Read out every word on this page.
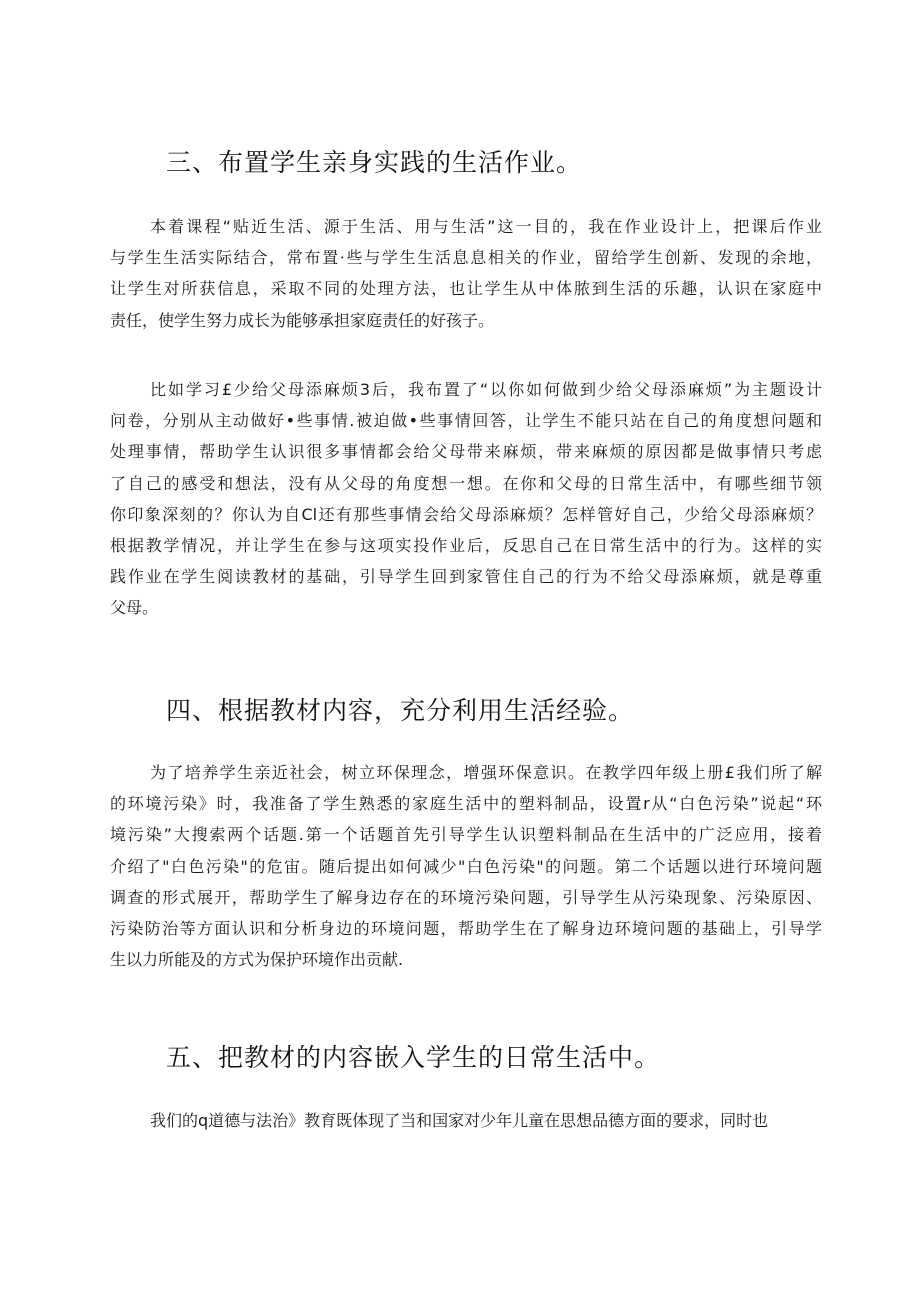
三、布置学生亲身实践的生活作业。
本着课程“贴近生活、源于生活、用与生活”这一目的，我在作业设计上，把课后作业
与学生生活实际结合，常布置·些与学生生活息息相关的作业，留给学生创新、发现的余地，
让学生对所获信息，采取不同的处理方法，也让学生从中体脓到生活的乐趣，认识在家庭中
责任，使学生努力成长为能够承担家庭责任的好孩子。
比如学习£少给父母添麻烦3后，我布置了“以你如何做到少给父母添麻烦”为主题设计
问卷，分别从主动做好•些事情.被迫做•些事情回答，让学生不能只站在自己的角度想问题和
处理事情，帮助学生认识很多事情都会给父母带来麻烦，带来麻烦的原因都是做事情只考虑
了自己的感受和想法，没有从父母的角度想一想。在你和父母的日常生活中，有哪些细节领
你印象深刻的？你认为自Cl还有那些事情会给父母添麻烦？怎样管好自己，少给父母添麻烦？
根据教学情况，并让学生在参与这项实投作业后，反思自己在日常生活中的行为。这样的实
践作业在学生阅读教材的基础，引导学生回到家管住自己的行为不给父母添麻烦，就是尊重
父母。
四、根据教材内容，充分利用生活经验。
为了培养学生亲近社会，树立环保理念，增强环保意识。在教学四年级上册£我们所了解
的环境污染》时，我准备了学生熟悉的家庭生活中的塑料制品，设置r从“白色污染”说起“环
境污染”大搜索两个话题.第一个话题首先引导学生认识塑料制品在生活中的广泛应用，接着
介绍了"白色污染"的危宙。随后提出如何减少"白色污染"的问题。第二个话题以进行环境问题
调查的形式展开，帮助学生了解身边存在的环境污染问题，引导学生从污染现象、污染原因、
污染防治等方面认识和分析身边的环境问题，帮助学生在了解身边环境问题的基础上，引导学
生以力所能及的方式为保护环境作出贡献.
五、把教材的内容嵌入学生的日常生活中。
我们的q道德与法治》教育既体现了当和国家对少年儿童在思想品德方面的要求，同时也
